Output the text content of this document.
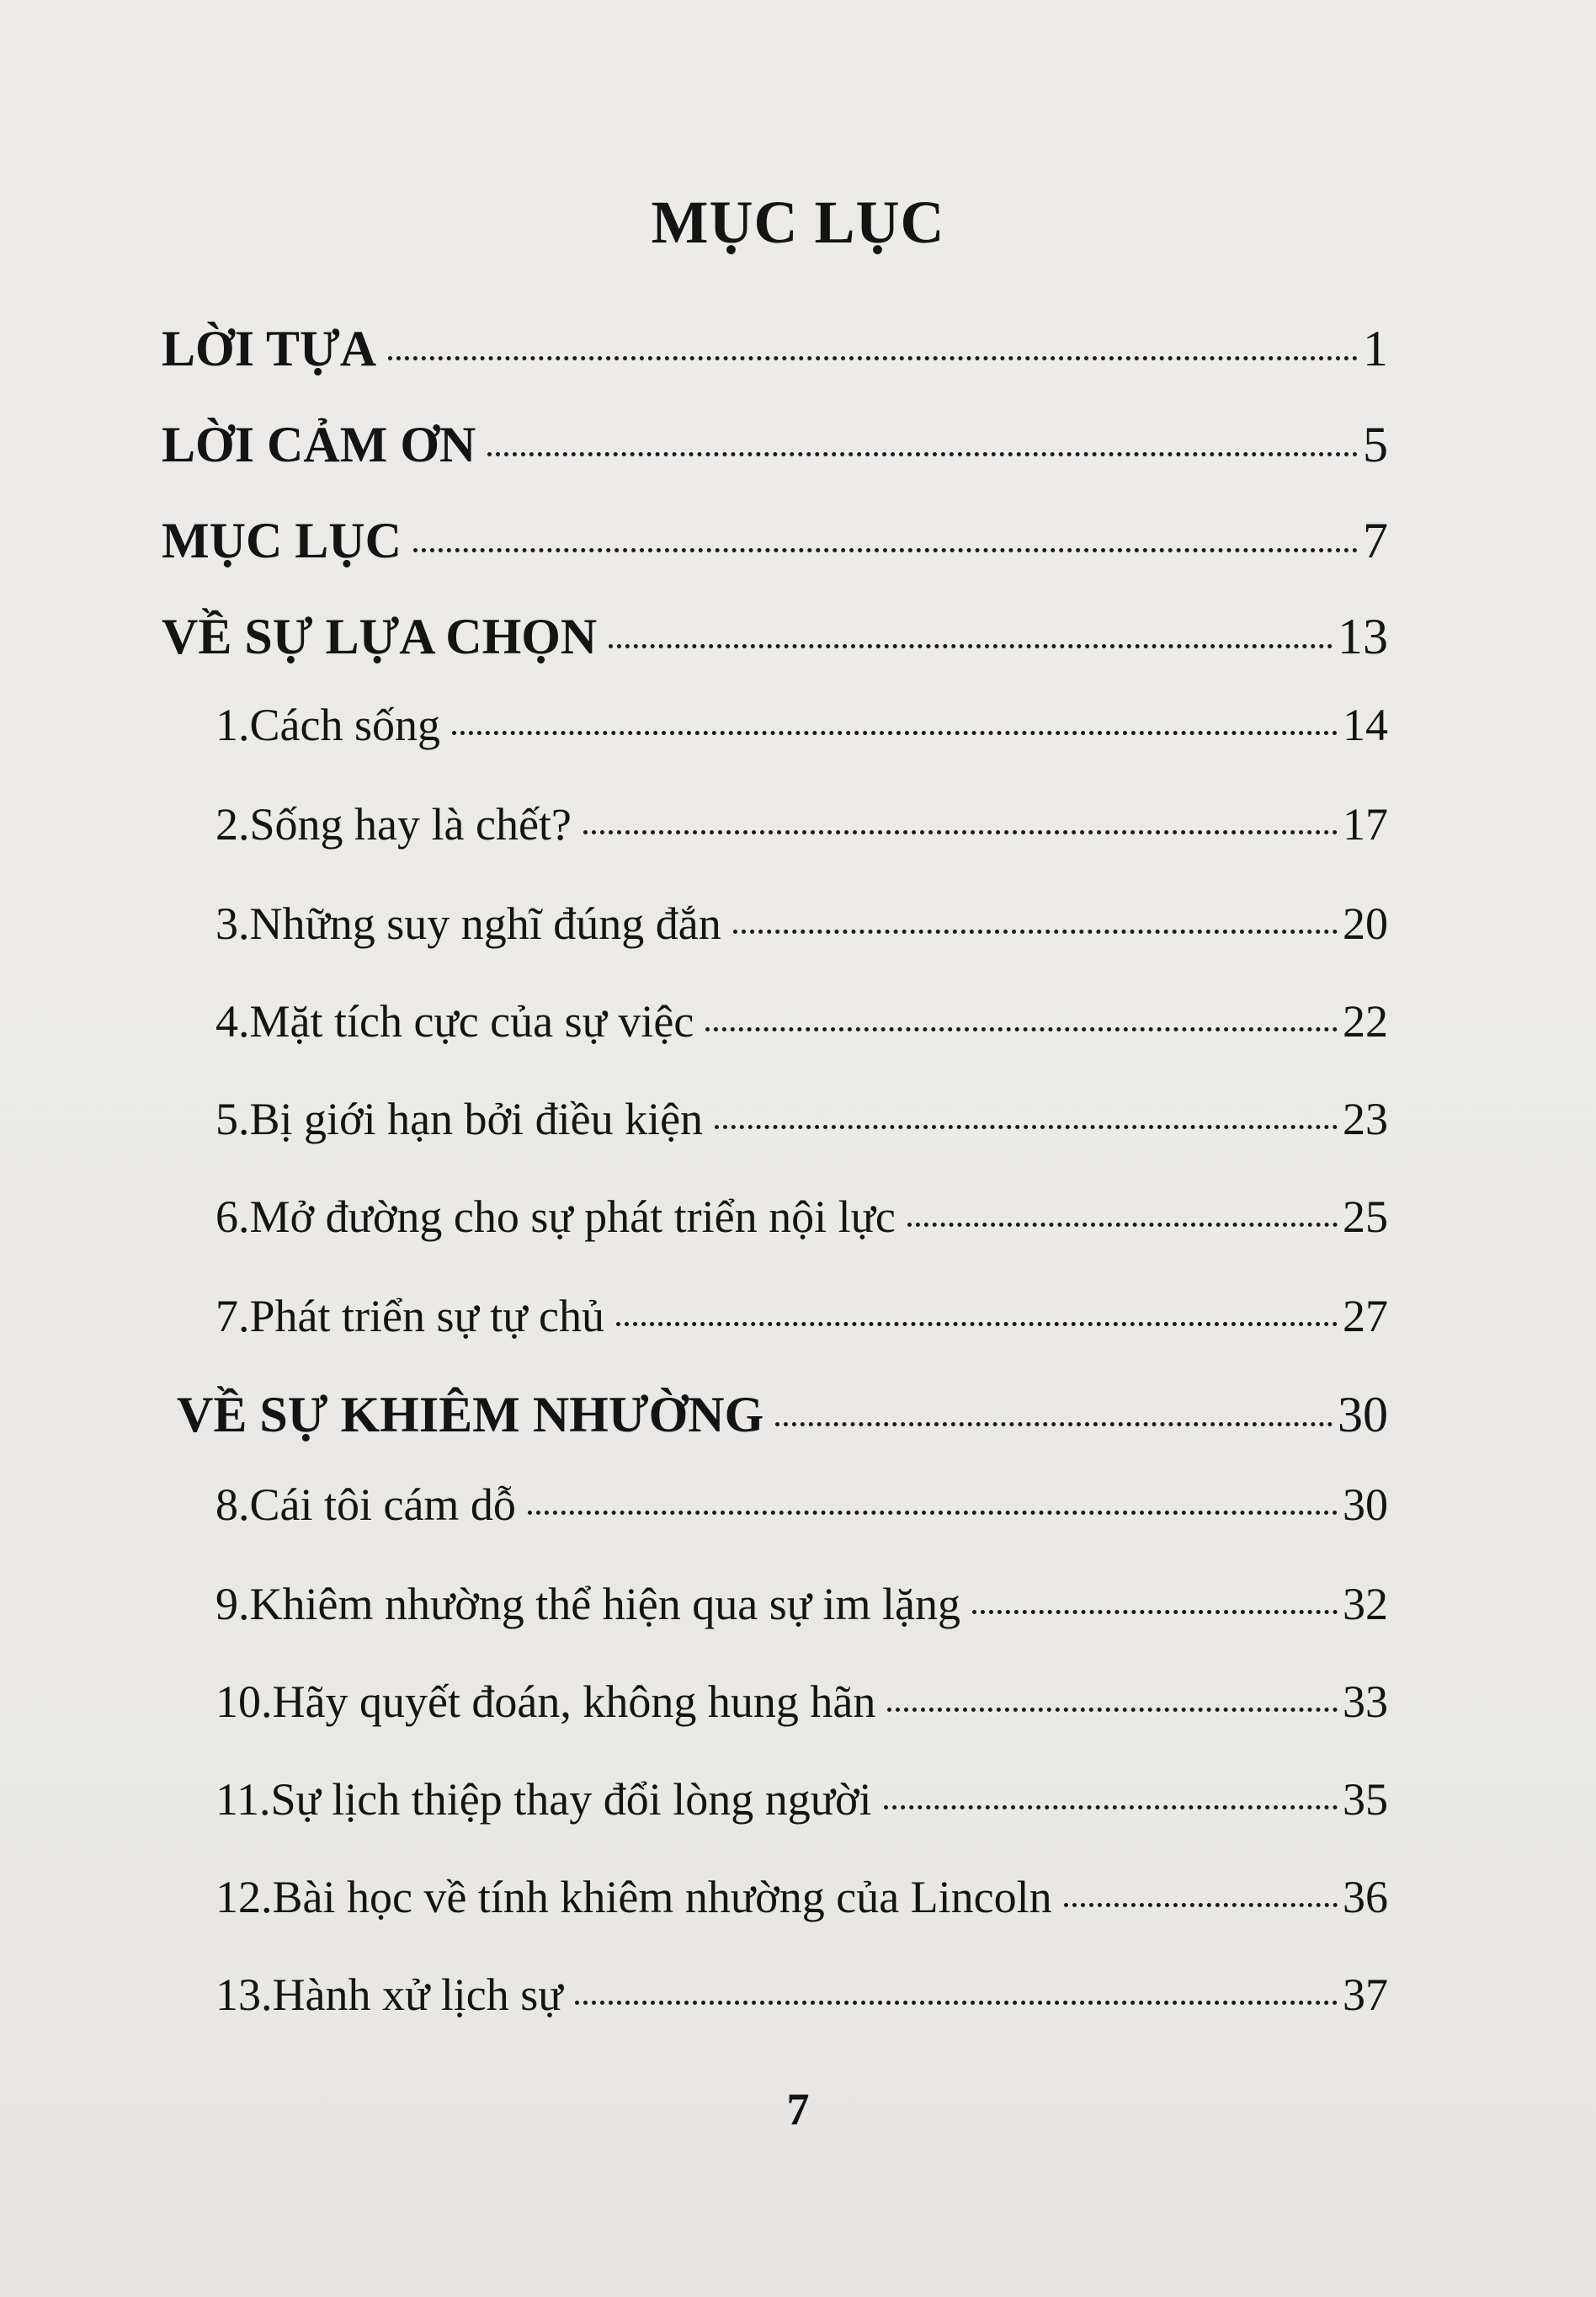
MỤC LỤC
LỜI TỰA	1
LỜI CẢM ƠN	5
MỤC LỤC	7
VỀ SỰ LỰA CHỌN	13
1.Cách sống	14
2.Sống hay là chết?	17
3.Những suy nghĩ đúng đắn	20
4.Mặt tích cực của sự việc	22
5.Bị giới hạn bởi điều kiện	23
6.Mở đường cho sự phát triển nội lực	25
7.Phát triển sự tự chủ	27
VỀ SỰ KHIÊM NHƯỜNG	30
8.Cái tôi cám dỗ	30
9.Khiêm nhường thể hiện qua sự im lặng	32
10.Hãy quyết đoán, không hung hãn	33
11.Sự lịch thiệp thay đổi lòng người	35
12.Bài học về tính khiêm nhường của Lincoln	36
13.Hành xử lịch sự	37
7
